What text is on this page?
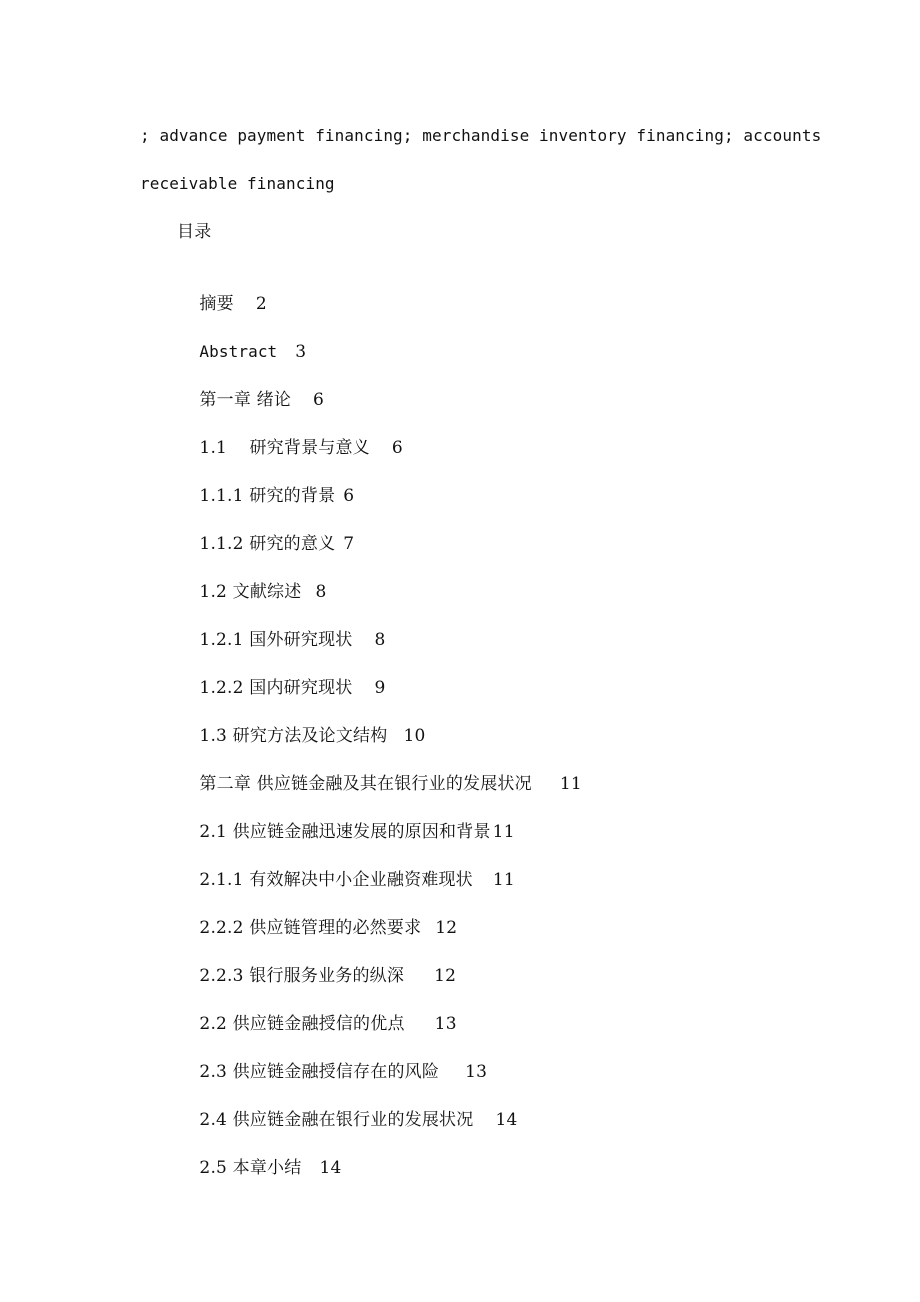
; advance payment financing; merchandise inventory financing; accounts
receivable financing
目录

摘要 2

Abstract 3

第一章 绪论 6

1.1    研究背景与意义 6

1.1.1 研究的背景 6

1.1.2 研究的意义 7

1.2 文献综述 8

1.2.1 国外研究现状 8

1.2.2 国内研究现状 9

1.3 研究方法及论文结构 10

第二章 供应链金融及其在银行业的发展状况 11

2.1 供应链金融迅速发展的原因和背景 11

2.1.1 有效解决中小企业融资难现状 11

2.2.2 供应链管理的必然要求 12

2.2.3 银行服务业务的纵深 12

2.2 供应链金融授信的优点 13

2.3 供应链金融授信存在的风险 13

2.4 供应链金融在银行业的发展状况 14

2.5 本章小结 14
